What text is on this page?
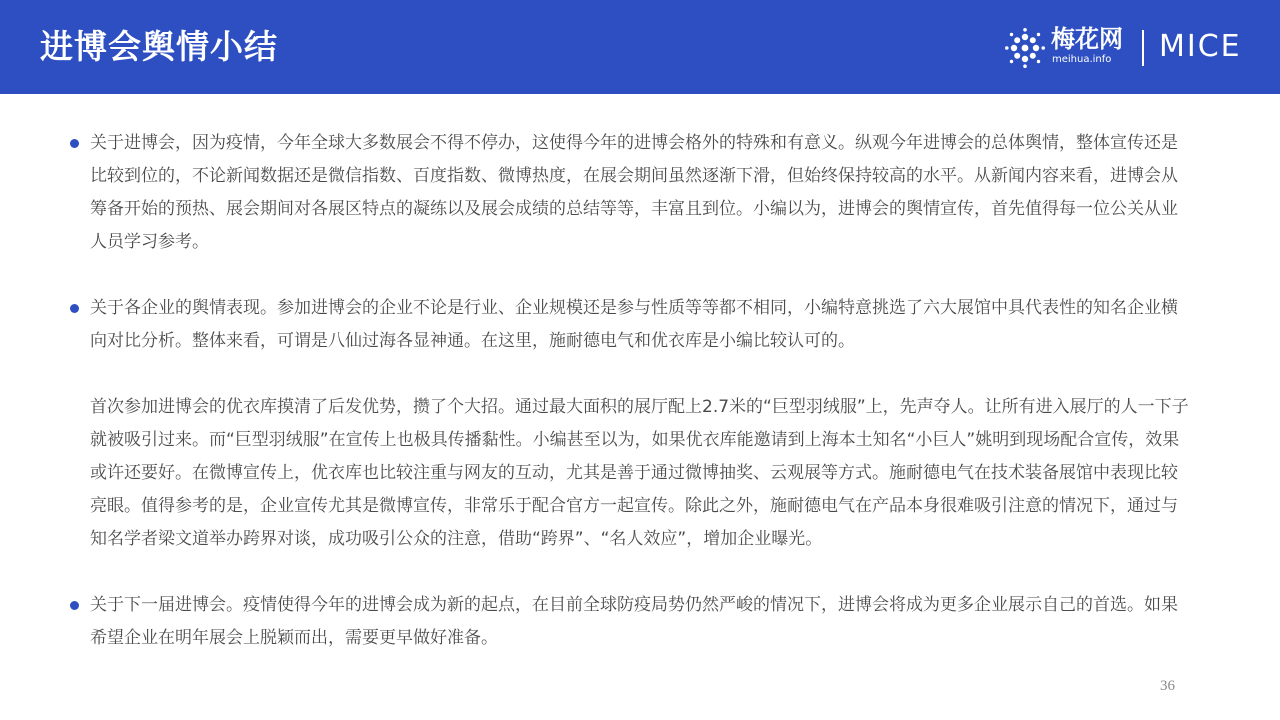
进博会舆情小结	梅花网
meihua.info MICE

关于进博会，因为疫情，今年全球大多数展会不得不停办，这使得今年的进博会格外的特殊和有意义。纵观今年进博会的总体舆情，整体宣传还是比较到位的，不论新闻数据还是微信指数、百度指数、微博热度，在展会期间虽然逐渐下滑，但始终保持较高的水平。从新闻内容来看，进博会从筹备开始的预热、展会期间对各展区特点的凝练以及展会成绩的总结等等，丰富且到位。小编以为，进博会的舆情宣传，首先值得每一位公关从业人员学习参考。

关于各企业的舆情表现。参加进博会的企业不论是行业、企业规模还是参与性质等等都不相同，小编特意挑选了六大展馆中具代表性的知名企业横向对比分析。整体来看，可谓是八仙过海各显神通。在这里，施耐德电气和优衣库是小编比较认可的。

首次参加进博会的优衣库摸清了后发优势，攒了个大招。通过最大面积的展厅配上2.7米的“巨型羽绒服”上，先声夺人。让所有进入展厅的人一下子就被吸引过来。而“巨型羽绒服”在宣传上也极具传播黏性。小编甚至以为，如果优衣库能邀请到上海本土知名“小巨人”姚明到现场配合宣传，效果或许还要好。在微博宣传上，优衣库也比较注重与网友的互动，尤其是善于通过微博抽奖、云观展等方式。施耐德电气在技术装备展馆中表现比较亮眼。值得参考的是，企业宣传尤其是微博宣传，非常乐于配合官方一起宣传。除此之外，施耐德电气在产品本身很难吸引注意的情况下，通过与知名学者梁文道举办跨界对谈，成功吸引公众的注意，借助“跨界”、“名人效应”，增加企业曝光。

关于下一届进博会。疫情使得今年的进博会成为新的起点，在目前全球防疫局势仍然严峻的情况下，进博会将成为更多企业展示自己的首选。如果希望企业在明年展会上脱颖而出，需要更早做好准备。

36
